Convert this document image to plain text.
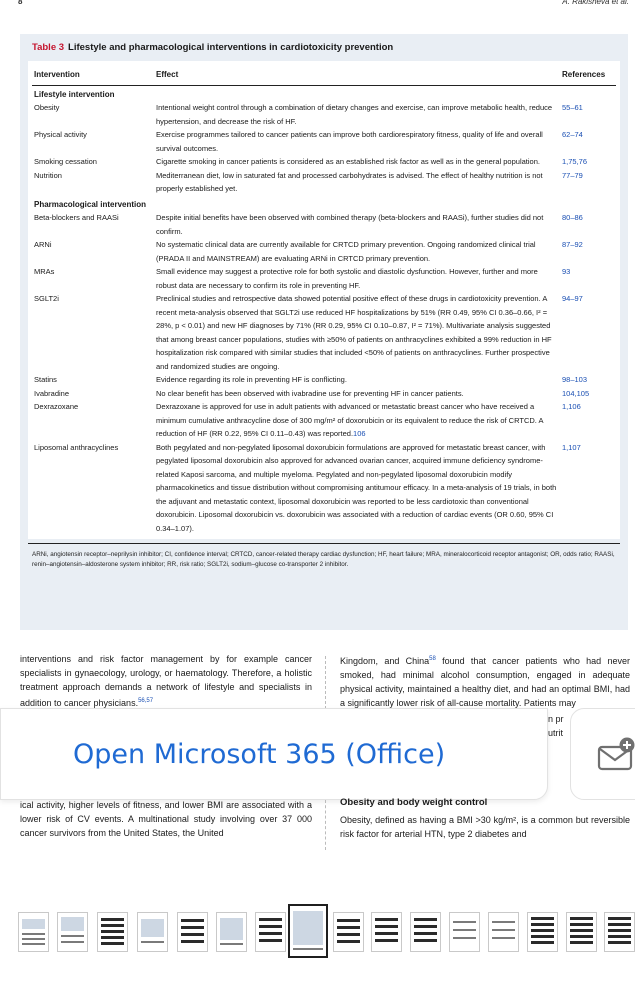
8	A. Rakisheva et al.
Table 3 Lifestyle and pharmacological interventions in cardiotoxicity prevention
Intervention	Effect	References
Lifestyle intervention		
Obesity	Intentional weight control through a combination of dietary changes and exercise, can improve metabolic health, reduce hypertension, and decrease the risk of HF.	55–61
Physical activity	Exercise programmes tailored to cancer patients can improve both cardiorespiratory fitness, quality of life and overall survival outcomes.	62–74
Smoking cessation	Cigarette smoking in cancer patients is considered as an established risk factor as well as in the general population.	1,75,76
Nutrition	Mediterranean diet, low in saturated fat and processed carbohydrates is advised. The effect of healthy nutrition is not properly established yet.	77–79
Pharmacological intervention		
Beta-blockers and RAASi	Despite initial benefits have been observed with combined therapy (beta-blockers and RAASi), further studies did not confirm.	80–86
ARNi	No systematic clinical data are currently available for CRTCD primary prevention. Ongoing randomized clinical trial (PRADA II and MAINSTREAM) are evaluating ARNi in CRTCD primary prevention.	87–92
MRAs	Small evidence may suggest a protective role for both systolic and diastolic dysfunction. However, further and more robust data are necessary to confirm its role in preventing HF.	93
SGLT2i	Preclinical studies and retrospective data showed potential positive effect of these drugs in cardiotoxicity prevention. A recent meta-analysis observed that SGLT2i use reduced HF hospitalizations by 51% (RR 0.49, 95% CI 0.36–0.66, I² = 28%, p < 0.01) and new HF diagnoses by 71% (RR 0.29, 95% CI 0.10–0.87, I² = 71%). Multivariate analysis suggested that among breast cancer populations, studies with ≥50% of patients on anthracyclines exhibited a 99% reduction in HF hospitalization risk compared with similar studies that included <50% of patients on anthracyclines. Further prospective and randomized studies are ongoing.	94–97
Statins	Evidence regarding its role in preventing HF is conflicting.	98–103
Ivabradine	No clear benefit has been observed with ivabradine use for preventing HF in cancer patients.	104,105
Dexrazoxane	Dexrazoxane is approved for use in adult patients with advanced or metastatic breast cancer who have received a minimum cumulative anthracycline dose of 300 mg/m² of doxorubicin or its equivalent to reduce the risk of CRTCD. A reduction of HF (RR 0.22, 95% CI 0.11–0.43) was reported.106	1,106
Liposomal anthracyclines	Both pegylated and non-pegylated liposomal doxorubicin formulations are approved for metastatic breast cancer, with pegylated liposomal doxorubicin also approved for advanced ovarian cancer, acquired immune deficiency syndrome-related Kaposi sarcoma, and multiple myeloma. Pegylated and non-pegylated liposomal doxorubicin modify pharmacokinetics and tissue distribution without compromising antitumour efficacy. In a meta-analysis of 19 trials, in both the adjuvant and metastatic context, liposomal doxorubicin was reported to be less cardiotoxic than conventional doxorubicin. Liposomal doxorubicin vs. doxorubicin was associated with a reduction of cardiac events (OR 0.60, 95% CI 0.34–1.07).	1,107
ARNi, angiotensin receptor–neprilysin inhibitor; CI, confidence interval; CRTCD, cancer-related therapy cardiac dysfunction; HF, heart failure; MRA, mineralocorticoid receptor antagonist; OR, odds ratio; RAASi, renin–angiotensin–aldosterone system inhibitor; RR, risk ratio; SGLT2i, sodium–glucose co-transporter 2 inhibitor.
interventions and risk factor management by for example cancer specialists in gynaecology, urology, or haematology. Therefore, a holistic treatment approach demands a network of lifestyle and specialists in addition to cancer physicians.$^{56,57}$
Kingdom, and China$^{58}$ found that cancer patients who had never smoked, had minimal alcohol consumption, engaged in adequate physical activity, maintained a healthy diet, and had an optimal BMI, had a significantly lower risk of all-cause mortality. Patients may
n pr
utrit
Open Microsoft 365 (Office)
ical activity, higher levels of fitness, and lower BMI are associated with a lower risk of CV events. A multinational study involving over 37 000 cancer survivors from the United States, the United
Obesity and body weight control
Obesity, defined as having a BMI >30 kg/m², is a common but reversible risk factor for arterial HTN, type 2 diabetes and
